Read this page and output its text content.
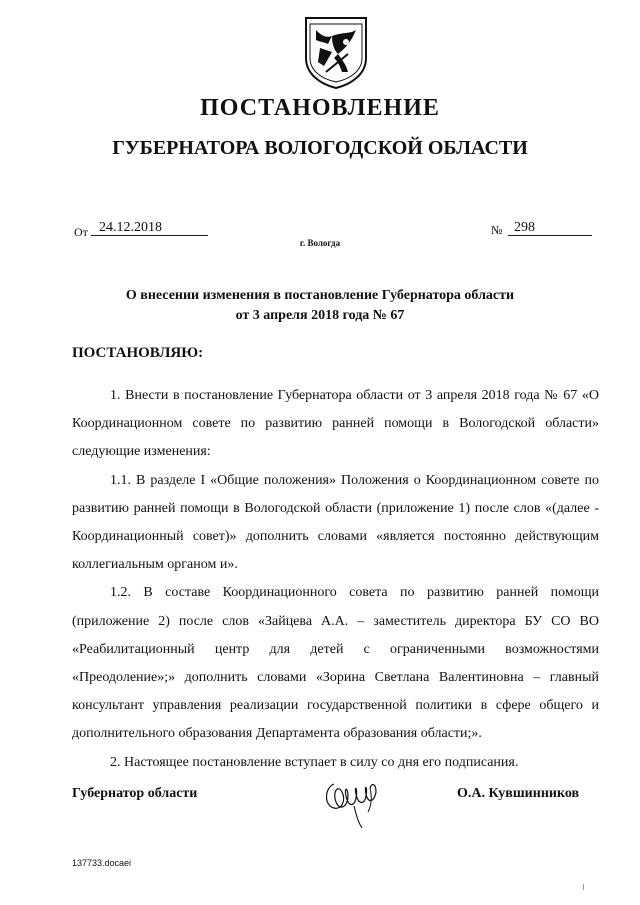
ПОСТАНОВЛЕНИЕ
ГУБЕРНАТОРА ВОЛОГОДСКОЙ ОБЛАСТИ
От 24.12.2018	№ 298
г. Вологда
О внесении изменения в постановление Губернатора области
от 3 апреля 2018 года № 67
ПОСТАНОВЛЯЮ:

1. Внести в постановление Губернатора области от 3 апреля 2018 года № 67 «О Координационном совете по развитию ранней помощи в Вологодской области» следующие изменения:

1.1. В разделе I «Общие положения» Положения о Координационном совете по развитию ранней помощи в Вологодской области (приложение 1) после слов «(далее - Координационный совет)» дополнить словами «является постоянно действующим коллегиальным органом и».

1.2. В составе Координационного совета по развитию ранней помощи (приложение 2) после слов «Зайцева А.А. – заместитель директора БУ СО ВО «Реабилитационный центр для детей с ограниченными возможностями «Преодоление»;» дополнить словами «Зорина Светлана Валентиновна – главный консультант управления реализации государственной политики в сфере общего и дополнительного образования Департамента образования области;».

2. Настоящее постановление вступает в силу со дня его подписания.

Губернатор области	О.А. Кувшинников
137733.docaei
